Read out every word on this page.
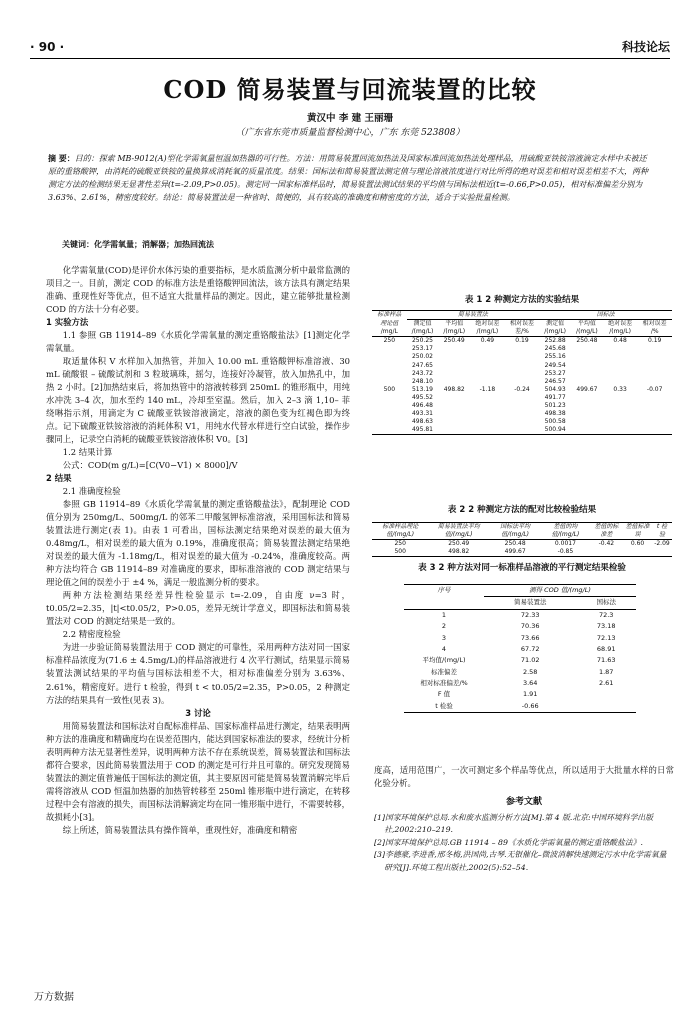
· 90 ·	科技论坛
COD 简易装置与回流装置的比较
黄汉中 李 建 王丽珊
（广东省东莞市质量监督检测中心，广东 东莞 523808）
摘 要：目的：探索 MB-9012(A)型化学需氧量恒温加热器的可行性。方法：用简易装置回流加热法及国家标准回流加热法处理样品，用硫酸亚铁铵溶液滴定水样中未被还原的重铬酸钾，由消耗的硫酸亚铁铵的量换算成消耗氧的质量浓度。结果：国标法和简易装置法测定值与理论溶液浓度进行对比所得的绝对误差和相对误差相差不大，两种测定方法的检测结果无显著性差异(t=-2.09,P>0.05)。测定同一国家标准样品时，简易装置法测试结果的平均值与国标法相近(t=-0.66,P>0.05)，相对标准偏差分别为 3.63%、2.61%，精密度较好。结论：简易装置法是一种省时、简便的，具有较高的准确度和精密度的方法，适合于实验批量检测。
关键词：化学需氧量；消解器；加热回流法

化学需氧量(COD)是评价水体污染的重要指标，是水质监测分析中最常监测的项目之一。目前，测定 COD 的标准方法是重铬酸钾回流法，该方法具有测定结果准确、重现性好等优点，但不适宜大批量样品的测定。因此，建立能够批量检测 COD 的方法十分有必要。

1 实验方法

1.1 参照 GB 11914–89《水质化学需氧量的测定重铬酸盐法》[1]测定化学需氧量。

取适量体积 V 水样加入加热管，并加入 10.00 mL 重铬酸钾标准溶液、30 mL 硫酸银 – 硫酸试剂和 3 粒玻璃珠，摇匀，连接好冷凝管，放入加热孔中，加热 2 小时。[2]加热结束后，将加热管中的溶液转移到 250mL 的锥形瓶中，用纯水冲洗 3–4 次，加水至约 140 mL，冷却至室温。然后，加入 2–3 滴 1,10– 菲绕啉指示剂，用滴定为 C 硫酸亚铁铵溶液滴定，溶液的颜色变为红褐色即为终点。记下硫酸亚铁铵溶液的消耗体积 V1，用纯水代替水样进行空白试验，操作步骤同上，记录空白消耗的硫酸亚铁铵溶液体积 V0。[3]

1.2 结果计算

公式：COD(m g/L)=[C(V0−V1) × 8000]/V

2 结果

2.1 准确度检验

参照 GB 11914–89《水质化学需氧量的测定重铬酸盐法》，配制理论 COD 值分别为 250mg/L、500mg/L 的邻苯二甲酸氢钾标准溶液，采用国标法和简易装置法进行测定(表 1)。由表 1 可看出，国标法测定结果绝对误差的最大值为 0.48mg/L，相对误差的最大值为 0.19%，准确度很高；简易装置法测定结果绝对误差的最大值为 -1.18mg/L，相对误差的最大值为 -0.24%，准确度较高。两种方法均符合 GB 11914–89 对准确度的要求，即标准溶液的 COD 测定结果与理论值之间的误差小于 ±4 %，满足一般监测分析的要求。

两种方法检测结果经差异性检验显示 t=-2.09，自由度 ν=3 时，t0.05/2=2.35，|t|<t0.05/2，P>0.05，差异无统计学意义，即国标法和简易装置法对 COD 的测定结果是一致的。

2.2 精密度检验

为进一步验证简易装置法用于 COD 测定的可靠性，采用两种方法对同一国家标准样品浓度为(71.6 ± 4.5mg/L)的样品溶液进行 4 次平行测试，结果显示简易装置法测试结果的平均值与国标法相差不大，相对标准偏差分别为 3.63%、2.61%，精密度好。进行 t 检验，得到 t < t0.05/2=2.35，P>0.05，2 种测定方法的结果具有一致性(见表 3)。

3 讨论

用简易装置法和国标法对自配标准样品、国家标准样品进行测定，结果表明两种方法的准确度和精确度均在误差范围内，能达到国家标准法的要求，经统计分析表明两种方法无显著性差异，说明两种方法不存在系统误差，简易装置法和国标法都符合要求，因此简易装置法用于 COD 的测定是可行并且可靠的。研究发现简易装置法的测定值普遍低于国标法的测定值，其主要原因可能是简易装置消解完毕后需将溶液从 COD 恒温加热器的加热管转移至 250ml 锥形瓶中进行滴定，在转移过程中会有溶液的损失，而国标法消解滴定均在同一锥形瓶中进行，不需要转移，故损耗小[3]。

综上所述，简易装置法具有操作简单，重现性好，准确度和精密

表 1 2 种测定方法的实验结果
标准样品	简易装置法				国标法			
理论值	测定值	平均值	绝对误差	相对误差	测定值	平均值	绝对误差	相对误差
/mg/L	/(mg/L)	/(mg/L)	/(mg/L)	差/%	/(mg/L)	/(mg/L)	/(mg/L)	/%
250	250.25	250.49	0.49	0.19	252.88	250.48	0.48	0.19
	253.17				245.68			
	250.02				255.16			
	247.65				249.54			
	243.72				253.27			
	248.10				246.57			
500	513.19	498.82	-1.18	-0.24	504.93	499.67	0.33	-0.07
	495.52				491.77			
	496.48				501.23			
	493.31				498.38			
	498.63				500.58			
	495.81				500.94			
表 2 2 种测定方法的配对比较检验结果
标准样品理论值/(mg/L)	简易装置法平均值/(mg/L)	国标法平均值/(mg/L)	差值的均值/(mg/L)	差值的标准差	差值标准误	t 检验
250	250.49	250.48	0.0017	-0.42	0.60	-2.09
500	498.82	499.67	-0.85			
表 3 2 种方法对同一标准样品溶液的平行测定结果检验
序号	测得 COD 值/(mg/L)	
	简易装置法	国标法
1	72.33	72.3
2	70.36	73.18
3	73.66	72.13
4	67.72	68.91
平均值/(mg/L)	71.02	71.63
标准偏差	2.58	1.87
相对标准偏差/%	3.64	2.61
F 值	1.91	
t 检验	-0.66	
度高，适用范围广，一次可测定多个样品等优点，所以适用于大批量水样的日常化验分析。
参考文献

[1]国家环境保护总局.水和废水监测分析方法[M].第 4 版.北京:中国环境科学出版社,2002:210–219.

[2]国家环境保护总局.GB 11914 – 89《水质化学需氧量的测定重铬酸盐法》.

[3]李德豪,李进香,邢冬梅,洪国尚,古琴.无银催化–微波消解快速测定污水中化学需氧量研究[J].环境工程出版社,2002(5):52–54.

万方数据
